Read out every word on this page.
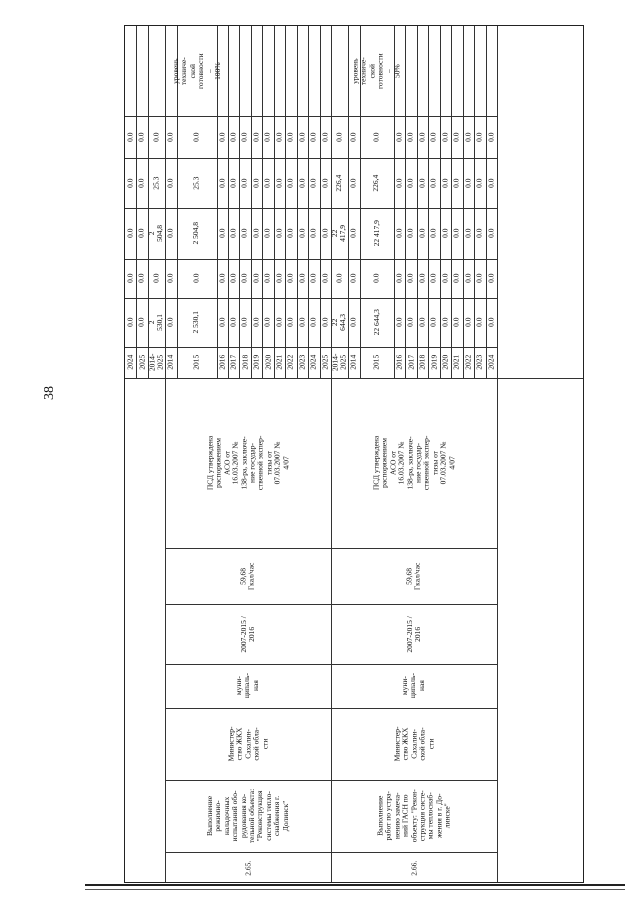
38
2024
0.0
0.0
0.0
0.0
0.0
2025
0.0
0.0
0.0
0.0
0.0
2014-2025
2 530,1
0.0
2 504,8
25.3
0.0
2014
0.0
0.0
0.0
0.0
0.0
2015
2 530,1
0.0
2 504,8
25.3
0.0
уровень техниче-
ской готовности –
100%
2016
0.0
0.0
0.0
0.0
0.0
2017
0.0
0.0
0.0
0.0
0.0
2018
0.0
0.0
0.0
0.0
0.0
2019
0.0
0.0
0.0
0.0
0.0
2020
0.0
0.0
0.0
0.0
0.0
2021
0.0
0.0
0.0
0.0
0.0
2022
0.0
0.0
0.0
0.0
0.0
2023
0.0
0.0
0.0
0.0
0.0
2024
0.0
0.0
0.0
0.0
0.0
2025
0.0
0.0
0.0
0.0
0.0
2014-2025
22 644,3
0.0
22 417,9
226,4
0.0
2014
0.0
0.0
0.0
0.0
0.0
2015
22 644,3
0.0
22 417,9
226,4
0.0
уровень техниче-
ской готовности –
50%
2016
0.0
0.0
0.0
0.0
0.0
2017
0.0
0.0
0.0
0.0
0.0
2018
0.0
0.0
0.0
0.0
0.0
2019
0.0
0.0
0.0
0.0
0.0
2020
0.0
0.0
0.0
0.0
0.0
2021
0.0
0.0
0.0
0.0
0.0
2022
0.0
0.0
0.0
0.0
0.0
2023
0.0
0.0
0.0
0.0
0.0
2024
0.0
0.0
0.0
0.0
0.0
ПСД утверждена
распоряжением
АСО от
16.03.2007 №
138-ра, заключе-
ние государ-
ственной экспер-
тизы от
07.03.2007 №
4/07
59,68
Гкал/час
2007-2015 /
2016
муни-
ципаль-
ная
Министер-
ство ЖКХ
Сахалин-
ской обла-
сти
Выполнение
режимно-
наладочных
испытаний обо-
рудования ко-
тельной объекта:
"Реконструкция
системы тепло-
снабжения г.
Долинск"
2.65.
ПСД утверждена
распоряжением
АСО от
16.03.2007 №
138-ра, заключе-
ние государ-
ственной экспер-
тизы от
07.03.2007 №
4/07
59,68
Гкал/час
2007-2015 /
2016
муни-
ципаль-
ная
Министер-
ство ЖКХ
Сахалин-
ской обла-
сти
Выполнение
работ по устра-
нению замеча-
ний ГАСН по
объекту: "Рекон-
струкция систе-
мы теплоснаб-
жения в г. До-
линске"
2.66.
